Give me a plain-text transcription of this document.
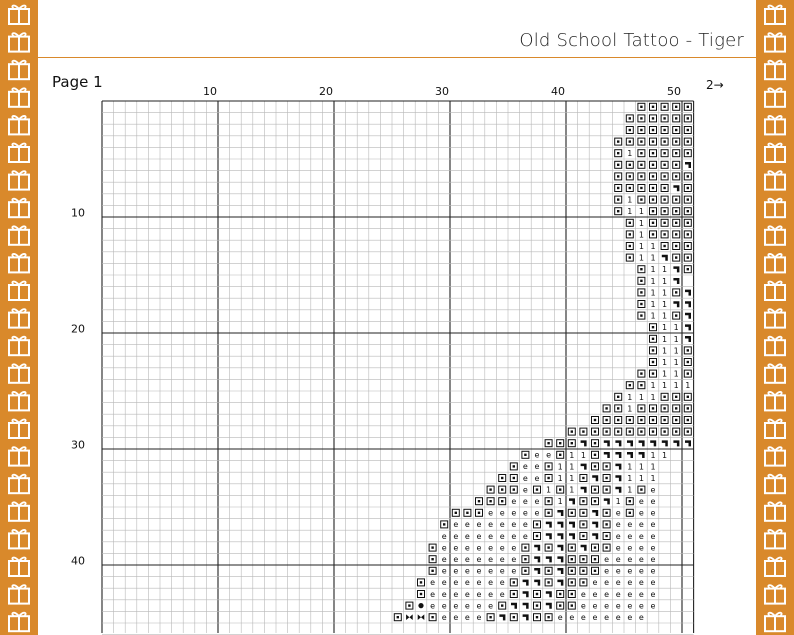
Old School Tattoo - Tiger
Page 1	2→
10	20	30	40	50
10
20
30
40
1
1
1 1
1
1
1 1
1 1
1 1
1 1
1 1
1 1
1 1
1 1
1 1
1 1
1 1
1 1
1 1 1 1
1 1 1
1
e e 1 1	1 1
e e 1 1	1 1 1
e e 1 1	1 1 1
e 1 1	1 e
e e e 1	1 e e
e e e e e	e e e
e e e e e e e	e e e e
e e e e e e e e	e e e e
e e e e e e e	e e e e
e e e e e e e	e e e e e
e e e e e e e	e e e e e
e e e e e e e	e e e e e e
e e e e e e e	e e e e e e e
e e e e e e	e e e e e e e
e e e e	e e e e e e e e
